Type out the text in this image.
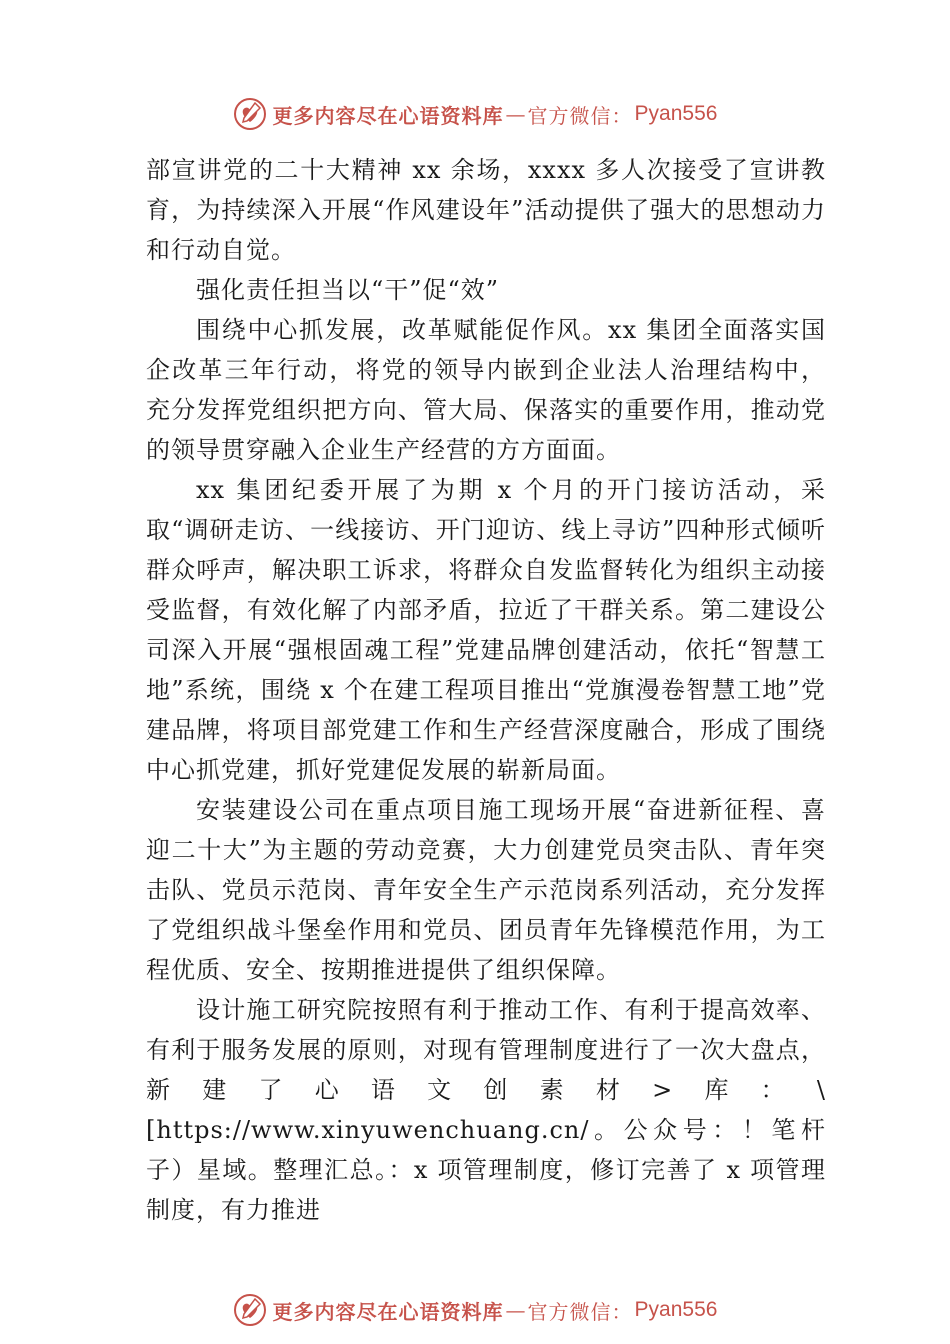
更多内容尽在心语资料库 — 官方微信： Pyan556

部宣讲党的二十大精神 xx 余场，xxxx 多人次接受了宣讲教育，为持续深入开展“作风建设年”活动提供了强大的思想动力和行动自觉。

强化责任担当以“干”促“效”

围绕中心抓发展，改革赋能促作风。xx 集团全面落实国企改革三年行动，将党的领导内嵌到企业法人治理结构中， 充分发挥党组织把方向、管大局、保落实的重要作用，推动党的领导贯穿融入企业生产经营的方方面面。

xx 集团纪委开展了为期 x 个月的开门接访活动，采取“调研走访、一线接访、开门迎访、线上寻访”四种形式倾听群众呼声，解决职工诉求，将群众自发监督转化为组织主动接受监督，有效化解了内部矛盾，拉近了干群关系。第二建设公司深入开展“强根固魂工程”党建品牌创建活动，依托“智慧工地”系统，围绕 x 个在建工程项目推出“党旗漫卷智慧工地”党建品牌，将项目部党建工作和生产经营深度融合，形成了围绕中心抓党建，抓好党建促发展的崭新局面。

安装建设公司在重点项目施工现场开展“奋进新征程、喜迎二十大”为主题的劳动竞赛，大力创建党员突击队、青年突击队、党员示范岗、青年安全生产示范岗系列活动，充分发挥了党组织战斗堡垒作用和党员、团员青年先锋模范作用，为工程优质、安全、按期推进提供了组织保障。

设计施工研究院按照有利于推动工作、有利于提高效率、有利于服务发展的原则，对现有管理制度进行了一次大盘点， 新建了心语文创素材>库：\[https://www.xinyuwenchuang.cn/。公众号：！笔杆子）星域。整理汇总。：x 项管理制度，修订完善了 x 项管理制度，有力推进

更多内容尽在心语资料库 — 官方微信： Pyan556
